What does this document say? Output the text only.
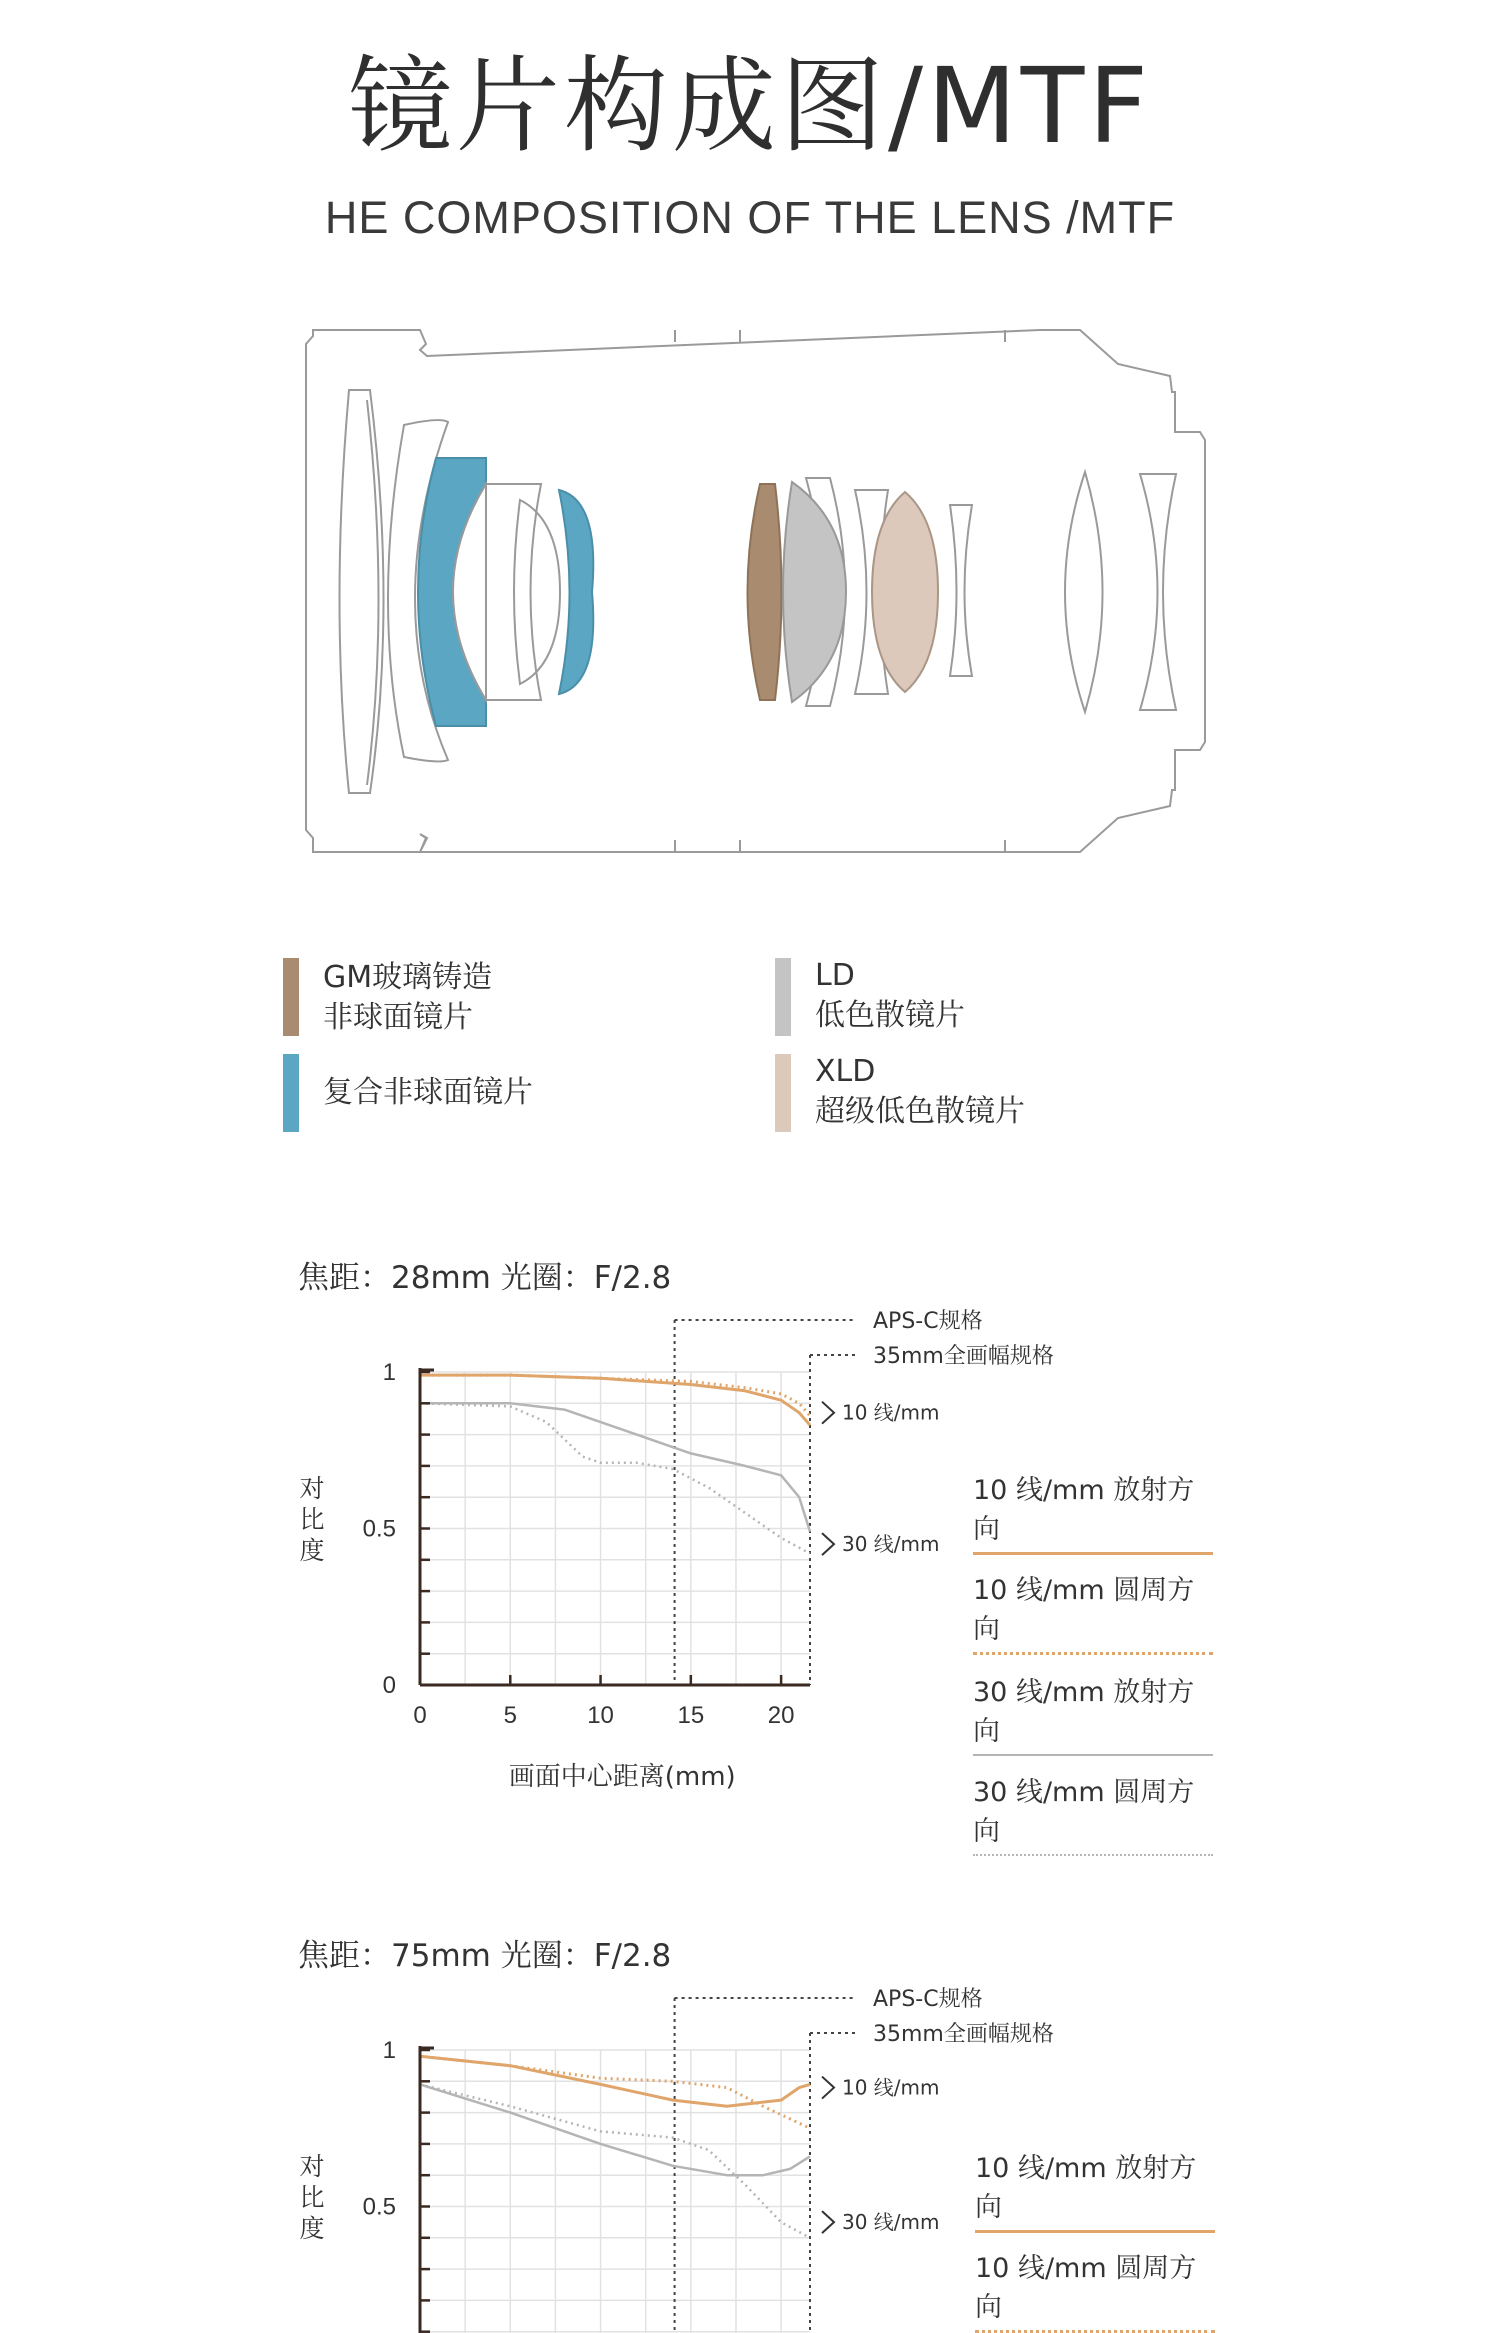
镜片构成图/MTF
HE COMPOSITION OF THE LENS /MTF
GM玻璃铸造
非球面镜片
LD
低色散镜片
复合非球面镜片
XLD
超级低色散镜片
焦距：28mm 光圈：F/2.8
APS-C规格
35mm全画幅规格
0	5	10	15	20
0
0.5
1
对
比
度
画面中心距离(mm)
10 线/mm
30 线/mm
10 线/mm 放射方向
10 线/mm 圆周方向
30 线/mm 放射方向
30 线/mm 圆周方向
焦距：75mm 光圈：F/2.8
APS-C规格
35mm全画幅规格
0.5
1
对
比
度
10 线/mm
30 线/mm
10 线/mm 放射方向
10 线/mm 圆周方向
